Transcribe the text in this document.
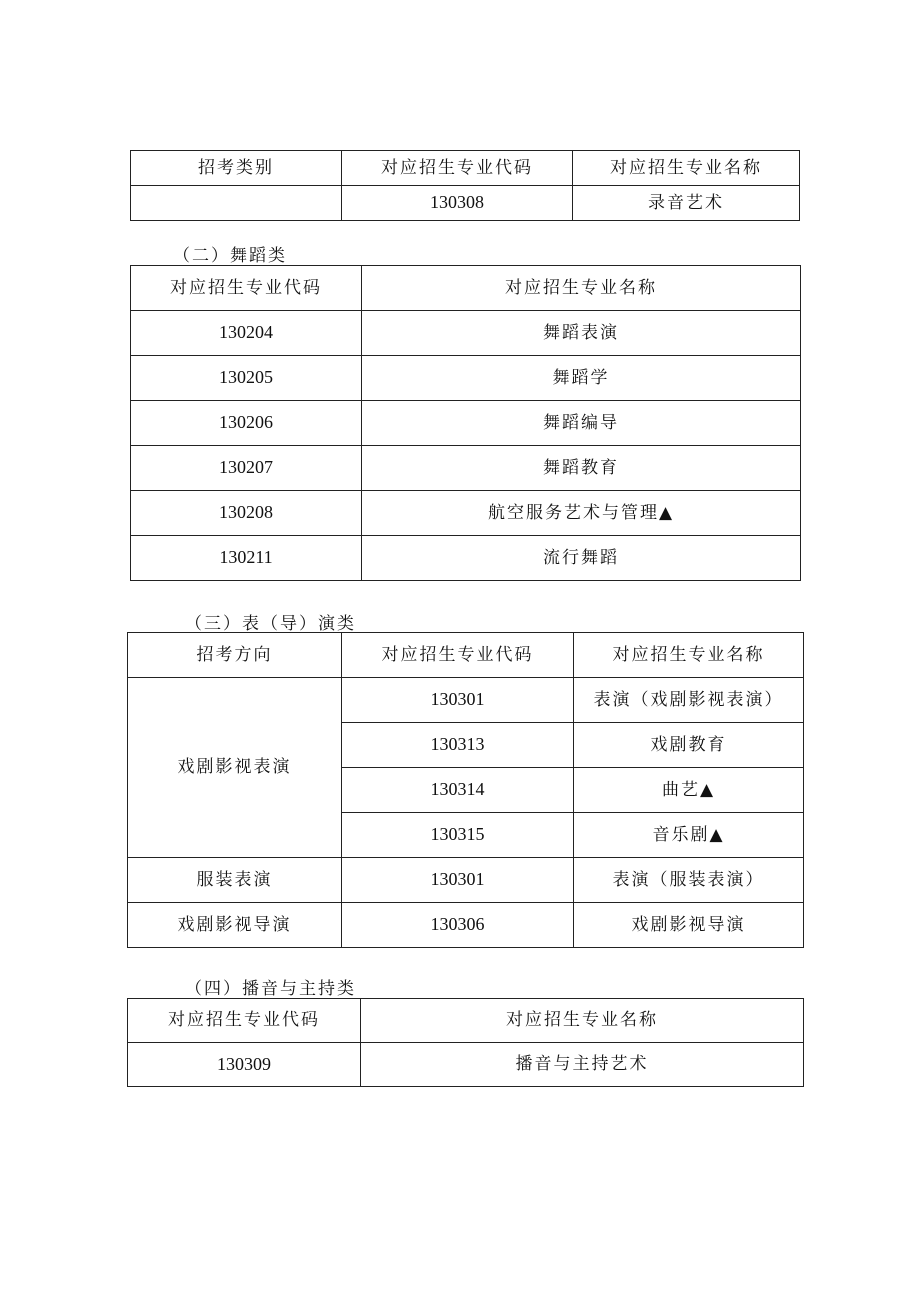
招考类别	对应招生专业代码	对应招生专业名称
	130308	录音艺术
（二）舞蹈类
对应招生专业代码	对应招生专业名称
130204	舞蹈表演
130205	舞蹈学
130206	舞蹈编导
130207	舞蹈教育
130208	航空服务艺术与管理▲
130211	流行舞蹈
（三）表（导）演类
招考方向	对应招生专业代码	对应招生专业名称
戏剧影视表演	130301	表演（戏剧影视表演）
	130313	戏剧教育
	130314	曲艺▲
	130315	音乐剧▲
服装表演	130301	表演（服装表演）
戏剧影视导演	130306	戏剧影视导演
（四）播音与主持类
对应招生专业代码	对应招生专业名称
130309	播音与主持艺术
